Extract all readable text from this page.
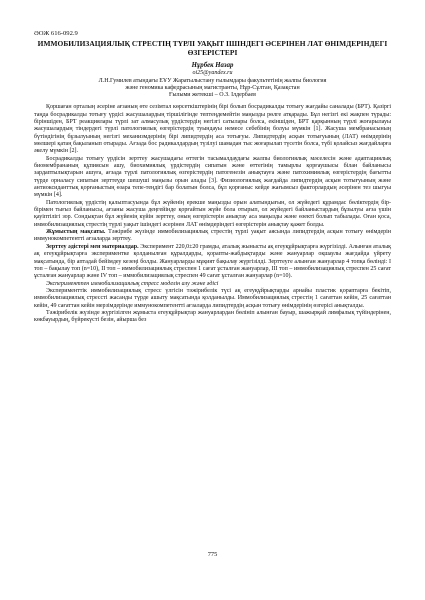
ӘОЖ 616-092.9

ИММОБИЛИЗАЦИЯЛЫҚ СТРЕСТІҢ ТҮРЛІ УАҚЫТ ІШІНДЕГІ ӘСЕРІНЕН ЛАТ ӨНІМДЕРІНДЕГІ ӨЗГЕРІСТЕРІ

Нұрбек Назар

oi25@yandex.ru

Л.Н.Гумилев атындағы ЕҰУ Жаратылыстану ғылымдары факультетінің жалпы биология
және геномика кафедрасының магистранты, Нұр-Сұлтан, Қазақстан
Ғылыми жетекші – О.З. Ілдербаев

Қоршаған орталың әсеріне ағзаның өте сезімтал көрсеткіштерінің бірі болып босрадикалды тотығу жағдайы саналады (БРТ). Қазіргі таңда босрадикалды тотығу үрдісі жасушалардың тіршілігінде тептеңдемейтін маңызды рөлге атқарады. Бұл негізгі екі жақпен түрады: біріншіден, БРТ реакциялары түрлі зат алмасулық үрдістердің негізгі сатылары болса, екіншіден, БРТ қарқынның түрлі жоғарылауы жасушалардың тіндердегі түрлі патологиялық өзгерістердің туындауы немесе себебінің болуы мүмкін [1]. Жасуша мембранасының бүтіндігінің бұзылуының негізгі механизмдерінің бірі липидтердің аса тотығуы. Липидтердің асқын тотығуының (ЛАТ) өнімдерінің мөлшері қатаң бақыланып отырады. Ағзада бос радикалдардың түзілуі шамадан тыс жоғарылап түсетін болса, түбі қолайсыз жағдайларға әкелу мүмкін [2].

Босрадикалды тотығу үрдісін зерттеу жасушадағы өттегін тасымалдаудағы жалпы биологиялық мәселесін және адаптациялық биомембрананың құпиясын ашу, биохимиялық үрдістердің сипатын және өттегінің тамырлы қорғаушысы білан байланысы зардаптылықтарын ашуға, ағзада түрлі патологиялық өзгерістердің патогенезін анықтауға және патохимиялық өзгерістердің бағытты түрде орналасу сипатын зерттеуде шешуші маңызы орын алады [3]. Физиологиялық жағдайда липидтердің асқын тотығуының және антиоксиданттық қорғаныстың өзара тепе-теңдігі бар болатын болса, бұл қорғаныс кейде жағымсыз факторлардың әсерінен тез шыгуы мүмкін [4].

Патологиялық үрдістің қалыптасуында бұл жүйенің ерекше маңызды орын алатындығын, ол жүйедегі құрамдас бөліктердің бір-бірімен тығыз байланысы, ағзаны жасуша деңгейінде қорғайтын жүйе бола отырып, ол жүйедегі байланыстардың бұзылуы ағза үшін қауіптілігі зор. Сондықтан бұл жүйенің күйін зерттеу, оның өзгерістерін анықтау аса маңызды және өзекті болып табылады. Оған қоса, иммобилизациялық стрестің түрлі уақыт ішіндегі әсерінен ЛАТ өнімдеріндегі өзгерістерін анықтау қажет болды.

Жұмыстың мақсаты. Тәжірибе жүзінде иммобилизациялық стрестің түрлі уақыт аясында липидтердің асқын тотығу өнімдерін иммунокомпетентті ағзаларда зерттеу.

Зерттеу әдістері мен материалдар. Эксперимент 220,0±20 грамды, аталық жынысты ақ егеуқұйрықтарға жүргізілді. Алынған аталық ақ егеуқұйрықтарға экспериментке қолданылған құралдарды, қорапты-жабдықтарды және жануарлар оқшаулы жағдайда үйрету мақсатында, бір аптадай бейімдеу кезеңі болды. Жануарларды мұқият бақылау жүргізілді. Зерттеуге алынған жануарлар 4 топқа бөлінді: І топ – бақылау топ (n=10), ІІ топ – иммобилизациялық стреспен 1 сағат ұсталған жануарлар, ІІІ топ – иммобилизациялық стреспен 25 сағат ұсталған жануарлар және ІV топ – иммобилизациялық стреспен 49 сағат ұсталған жануарлар (n=10).

Экспериментпен иммобилизациялық стресс моделін алу және әдісі

Эксперименттік иммобилизациялық стресс үлгісін тәжірибелік түсі ақ егеуқұйрықтарды арнайы пластик қораптарға бекітіп, иммобилизациялық стрессті жасанды түрде ашыту мақсатында қолданылды. Иммобилизациялық стрестің 1 сағаттан кейін, 25 сағаттан кейін, 49 сағаттан кейін мерзімдерінде иммунокомпетентті ағзаларда липидтердің асқын тотығу өнімдерінің өзгерісі анықталды.

Тәжірибелік жүзінде жүргізілген жұмыста егеуқұйрықтар жануарлардан бөлініп алынған бауыр, шажырқай лимфалық түйіндерінен, көкбауырдың, бүйрекүсті безін, айырша без

775
